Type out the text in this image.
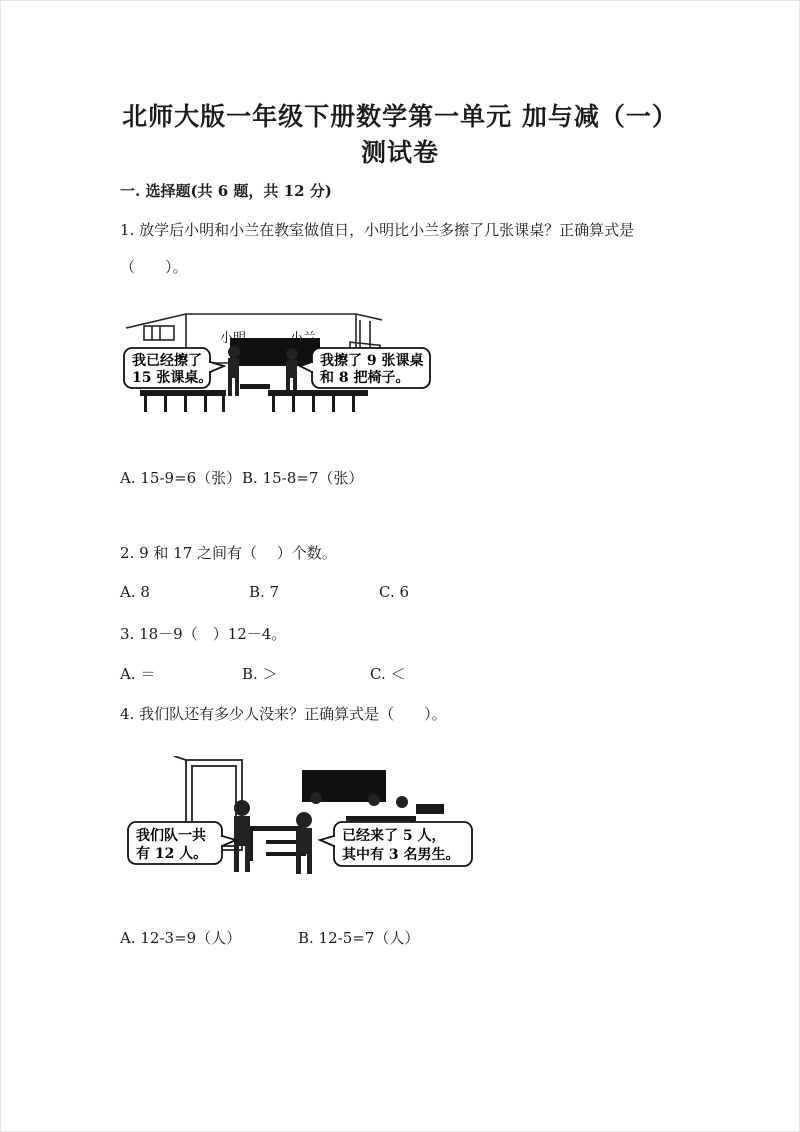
北师大版一年级下册数学第一单元 加与减（一）
测试卷
一. 选择题(共 6 题，共 12 分)
1. 放学后小明和小兰在教室做值日，小明比小兰多擦了几张课桌？正确算式是
（　　）。
小明	小兰
我已经擦了
15 张课桌。
我擦了 9 张课桌
和 8 把椅子。
A. 15-9=6（张） B. 15-8=7（张）
2. 9 和 17 之间有（　 ）个数。
A. 8	B. 7	C. 6
3. 18－9（　）12－4。
A. ＝	B. ＞	C. ＜
4. 我们队还有多少人没来？正确算式是（　　）。
我们队一共
有 12 人。
已经来了 5 人，
其中有 3 名男生。
A. 12-3=9（人）	B. 12-5=7（人）
